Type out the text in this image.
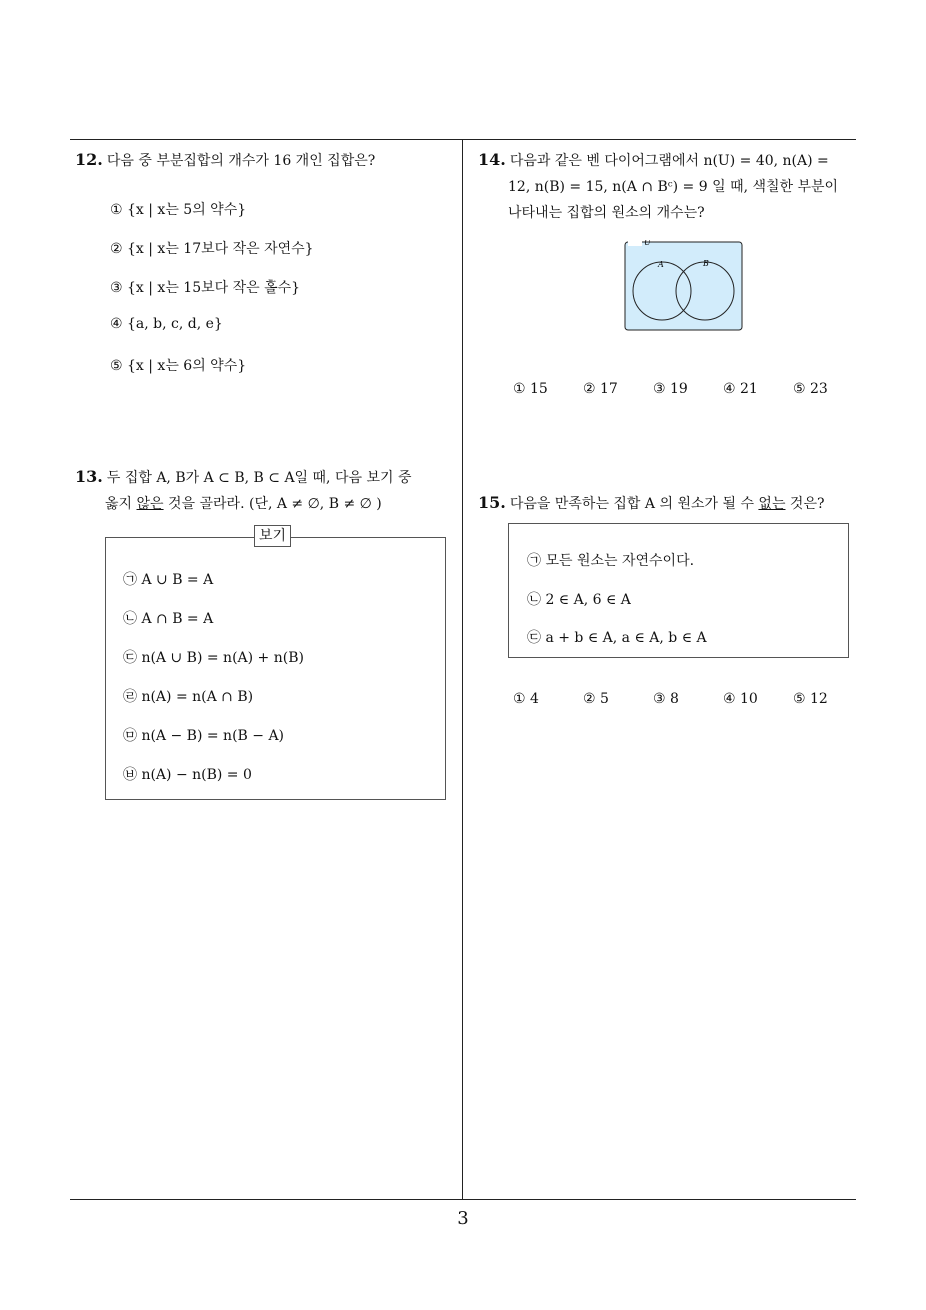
12. 다음 중 부분집합의 개수가 16 개인 집합은?
① {x | x는 5의 약수}
② {x | x는 17보다 작은 자연수}
③ {x | x는 15보다 작은 홀수}
④ {a, b, c, d, e}
⑤ {x | x는 6의 약수}
13. 두 집합 A, B가 A ⊂ B, B ⊂ A일 때, 다음 보기 중
옳지 않은 것을 골라라. (단, A ≠ ∅, B ≠ ∅ )
보기
㉠ A ∪ B = A
㉡ A ∩ B = A
㉢ n(A ∪ B) = n(A) + n(B)
㉣ n(A) = n(A ∩ B)
㉤ n(A − B) = n(B − A)
㉥ n(A) − n(B) = 0
14. 다음과 같은 벤 다이어그램에서 n(U) = 40, n(A) =
12, n(B) = 15, n(A ∩ Bᶜ) = 9 일 때, 색칠한 부분이
나타내는 집합의 원소의 개수는?
U
A	B
① 15	② 17	③ 19	④ 21	⑤ 23
15. 다음을 만족하는 집합 A 의 원소가 될 수 없는 것은?
㉠ 모든 원소는 자연수이다.
㉡ 2 ∈ A, 6 ∈ A
㉢ a + b ∈ A, a ∈ A, b ∈ A
① 4	② 5	③ 8	④ 10	⑤ 12
3
